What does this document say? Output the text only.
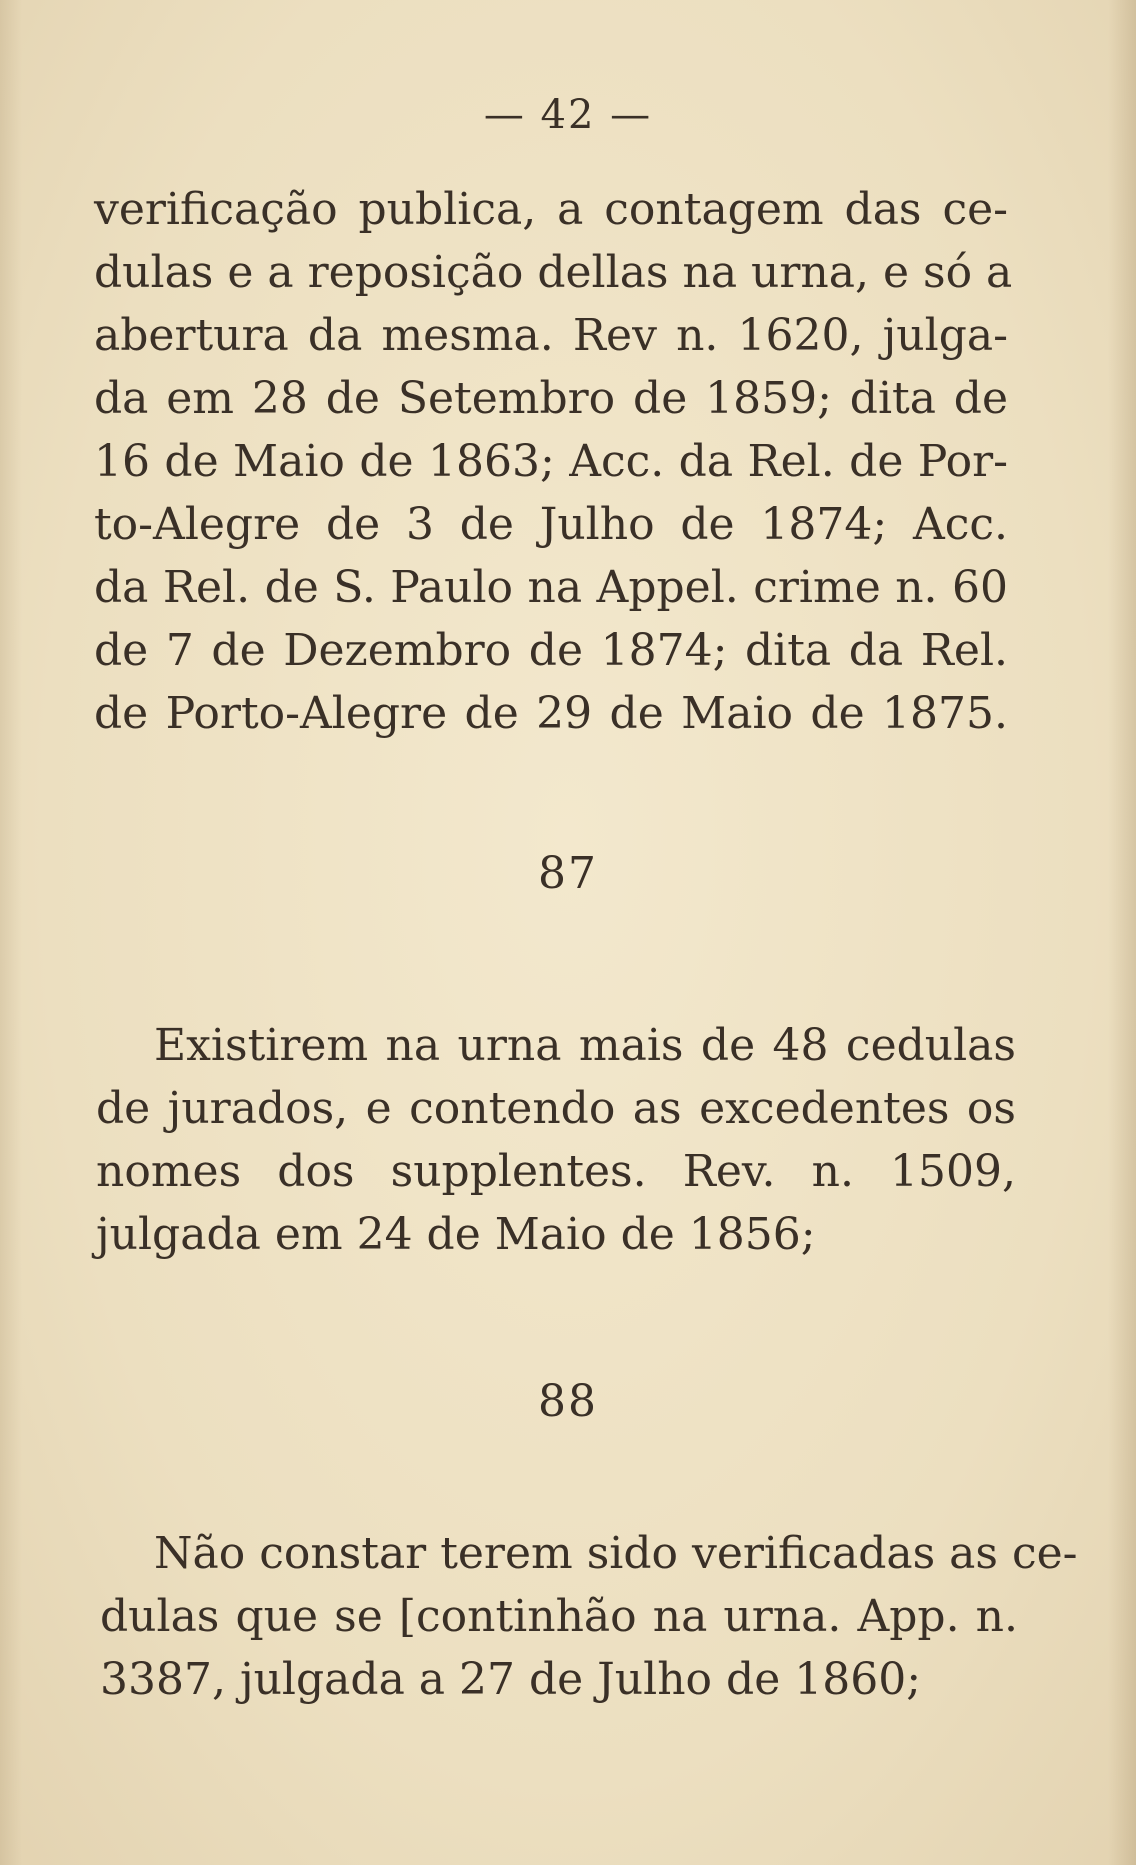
— 42 —
verificação publica, a contagem das ce-
dulas e a reposição dellas na urna, e só a
abertura da mesma. Rev n. 1620, julga-
da em 28 de Setembro de 1859; dita de
16 de Maio de 1863; Acc. da Rel. de Por-
to-Alegre de 3 de Julho de 1874; Acc.
da Rel. de S. Paulo na Appel. crime n. 60
de 7 de Dezembro de 1874; dita da Rel.
de Porto-Alegre de 29 de Maio de 1875.
87
Existirem na urna mais de 48 cedulas
de jurados, e contendo as excedentes os
nomes dos supplentes. Rev. n. 1509,
julgada em 24 de Maio de 1856;
88
Não constar terem sido verificadas as ce-
dulas que se [continhão na urna. App. n.
3387, julgada a 27 de Julho de 1860;
